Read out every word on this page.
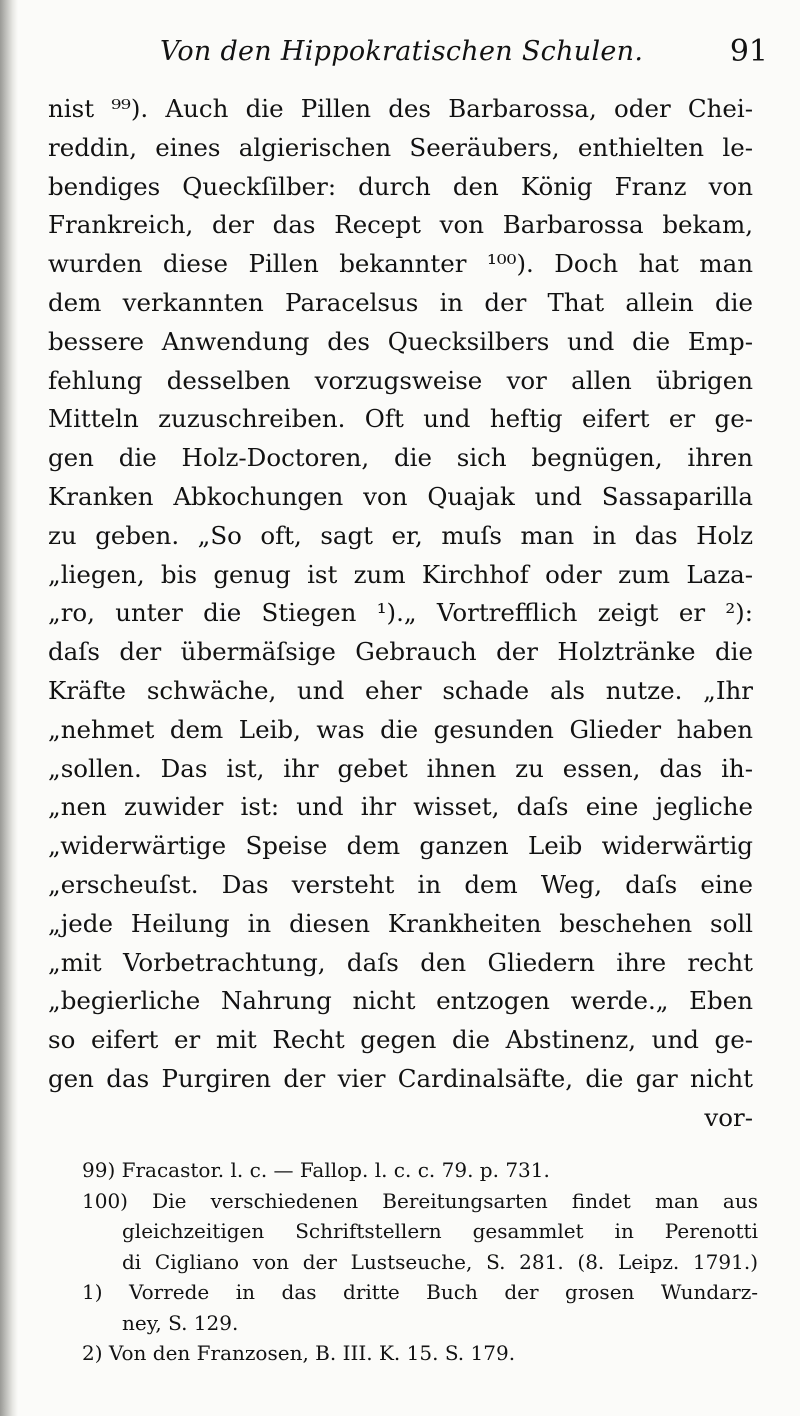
Von den Hippokratischen Schulen.	91
nist ⁹⁹). Auch die Pillen des Barbarossa, oder Chei-
reddin, eines algierischen Seeräubers, enthielten le-
bendiges Queckſilber: durch den König Franz von
Frankreich, der das Recept von Barbarossa bekam,
wurden diese Pillen bekannter ¹⁰⁰). Doch hat man
dem verkannten Paracelsus in der That allein die
bessere Anwendung des Quecksilbers und die Emp-
fehlung desselben vorzugsweise vor allen übrigen
Mitteln zuzuschreiben. Oft und heftig eifert er ge-
gen die Holz-Doctoren, die sich begnügen, ihren
Kranken Abkochungen von Quajak und Sassaparilla
zu geben. „So oft, sagt er, muſs man in das Holz
„liegen, bis genug ist zum Kirchhof oder zum Laza-
„ro, unter die Stiegen ¹).„ Vortrefflich zeigt er ²):
daſs der übermäſsige Gebrauch der Holztränke die
Kräfte schwäche, und eher schade als nutze. „Ihr
„nehmet dem Leib, was die gesunden Glieder haben
„sollen. Das ist, ihr gebet ihnen zu essen, das ih-
„nen zuwider ist: und ihr wisset, daſs eine jegliche
„widerwärtige Speise dem ganzen Leib widerwärtig
„erscheuſst. Das versteht in dem Weg, daſs eine
„jede Heilung in diesen Krankheiten beschehen soll
„mit Vorbetrachtung, daſs den Gliedern ihre recht
„begierliche Nahrung nicht entzogen werde.„ Eben
so eifert er mit Recht gegen die Abstinenz, und ge-
gen das Purgiren der vier Cardinalsäfte, die gar nicht
vor-
99) Fracastor. l. c. — Fallop. l. c. c. 79. p. 731.
100) Die verschiedenen Bereitungsarten findet man aus
gleichzeitigen Schriftstellern gesammlet in Perenotti
di Cigliano von der Lustseuche, S. 281. (8. Leipz. 1791.)
1) Vorrede in das dritte Buch der grosen Wundarz-
ney, S. 129.
2) Von den Franzosen, B. III. K. 15. S. 179.
